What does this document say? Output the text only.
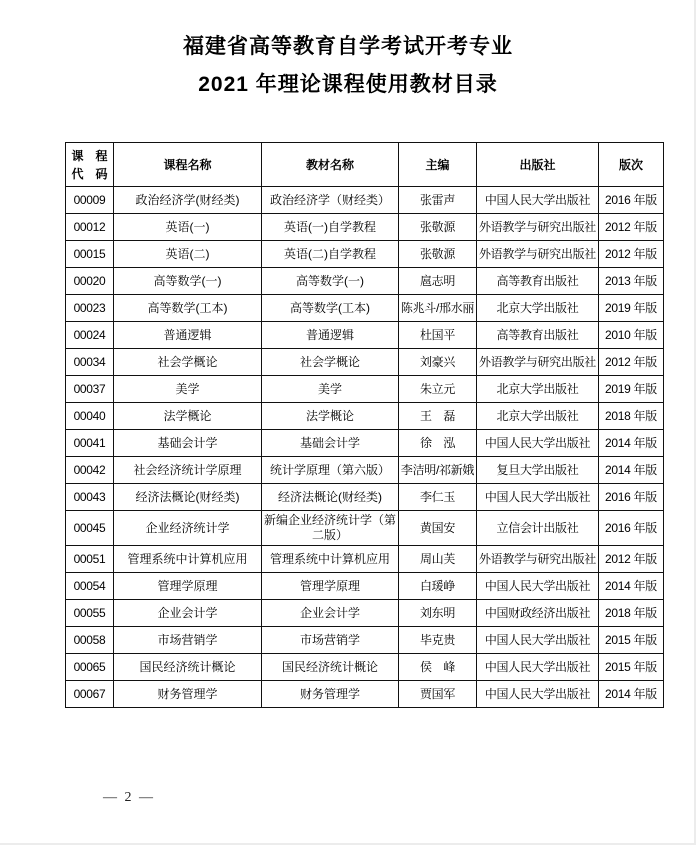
福建省高等教育自学考试开考专业
2021 年理论课程使用教材目录
课　程
代　码	课程名称	教材名称	主编	出版社	版次
00009	政治经济学(财经类)	政治经济学（财经类）	张雷声	中国人民大学出版社	2016 年版
00012	英语(一)	英语(一)自学教程	张敬源	外语教学与研究出版社	2012 年版
00015	英语(二)	英语(二)自学教程	张敬源	外语教学与研究出版社	2012 年版
00020	高等数学(一)	高等数学(一)	扈志明	高等教育出版社	2013 年版
00023	高等数学(工本)	高等数学(工本)	陈兆斗/邢水丽	北京大学出版社	2019 年版
00024	普通逻辑	普通逻辑	杜国平	高等教育出版社	2010 年版
00034	社会学概论	社会学概论	刘豪兴	外语教学与研究出版社	2012 年版
00037	美学	美学	朱立元	北京大学出版社	2019 年版
00040	法学概论	法学概论	王　磊	北京大学出版社	2018 年版
00041	基础会计学	基础会计学	徐　泓	中国人民大学出版社	2014 年版
00042	社会经济统计学原理	统计学原理（第六版）	李洁明/祁新娥	复旦大学出版社	2014 年版
00043	经济法概论(财经类)	经济法概论(财经类)	李仁玉	中国人民大学出版社	2016 年版
00045	企业经济统计学	新编企业经济统计学（第二版）	黄国安	立信会计出版社	2016 年版
00051	管理系统中计算机应用	管理系统中计算机应用	周山芙	外语教学与研究出版社	2012 年版
00054	管理学原理	管理学原理	白瑗峥	中国人民大学出版社	2014 年版
00055	企业会计学	企业会计学	刘东明	中国财政经济出版社	2018 年版
00058	市场营销学	市场营销学	毕克贵	中国人民大学出版社	2015 年版
00065	国民经济统计概论	国民经济统计概论	侯　峰	中国人民大学出版社	2015 年版
00067	财务管理学	财务管理学	贾国军	中国人民大学出版社	2014 年版
— 2 —
